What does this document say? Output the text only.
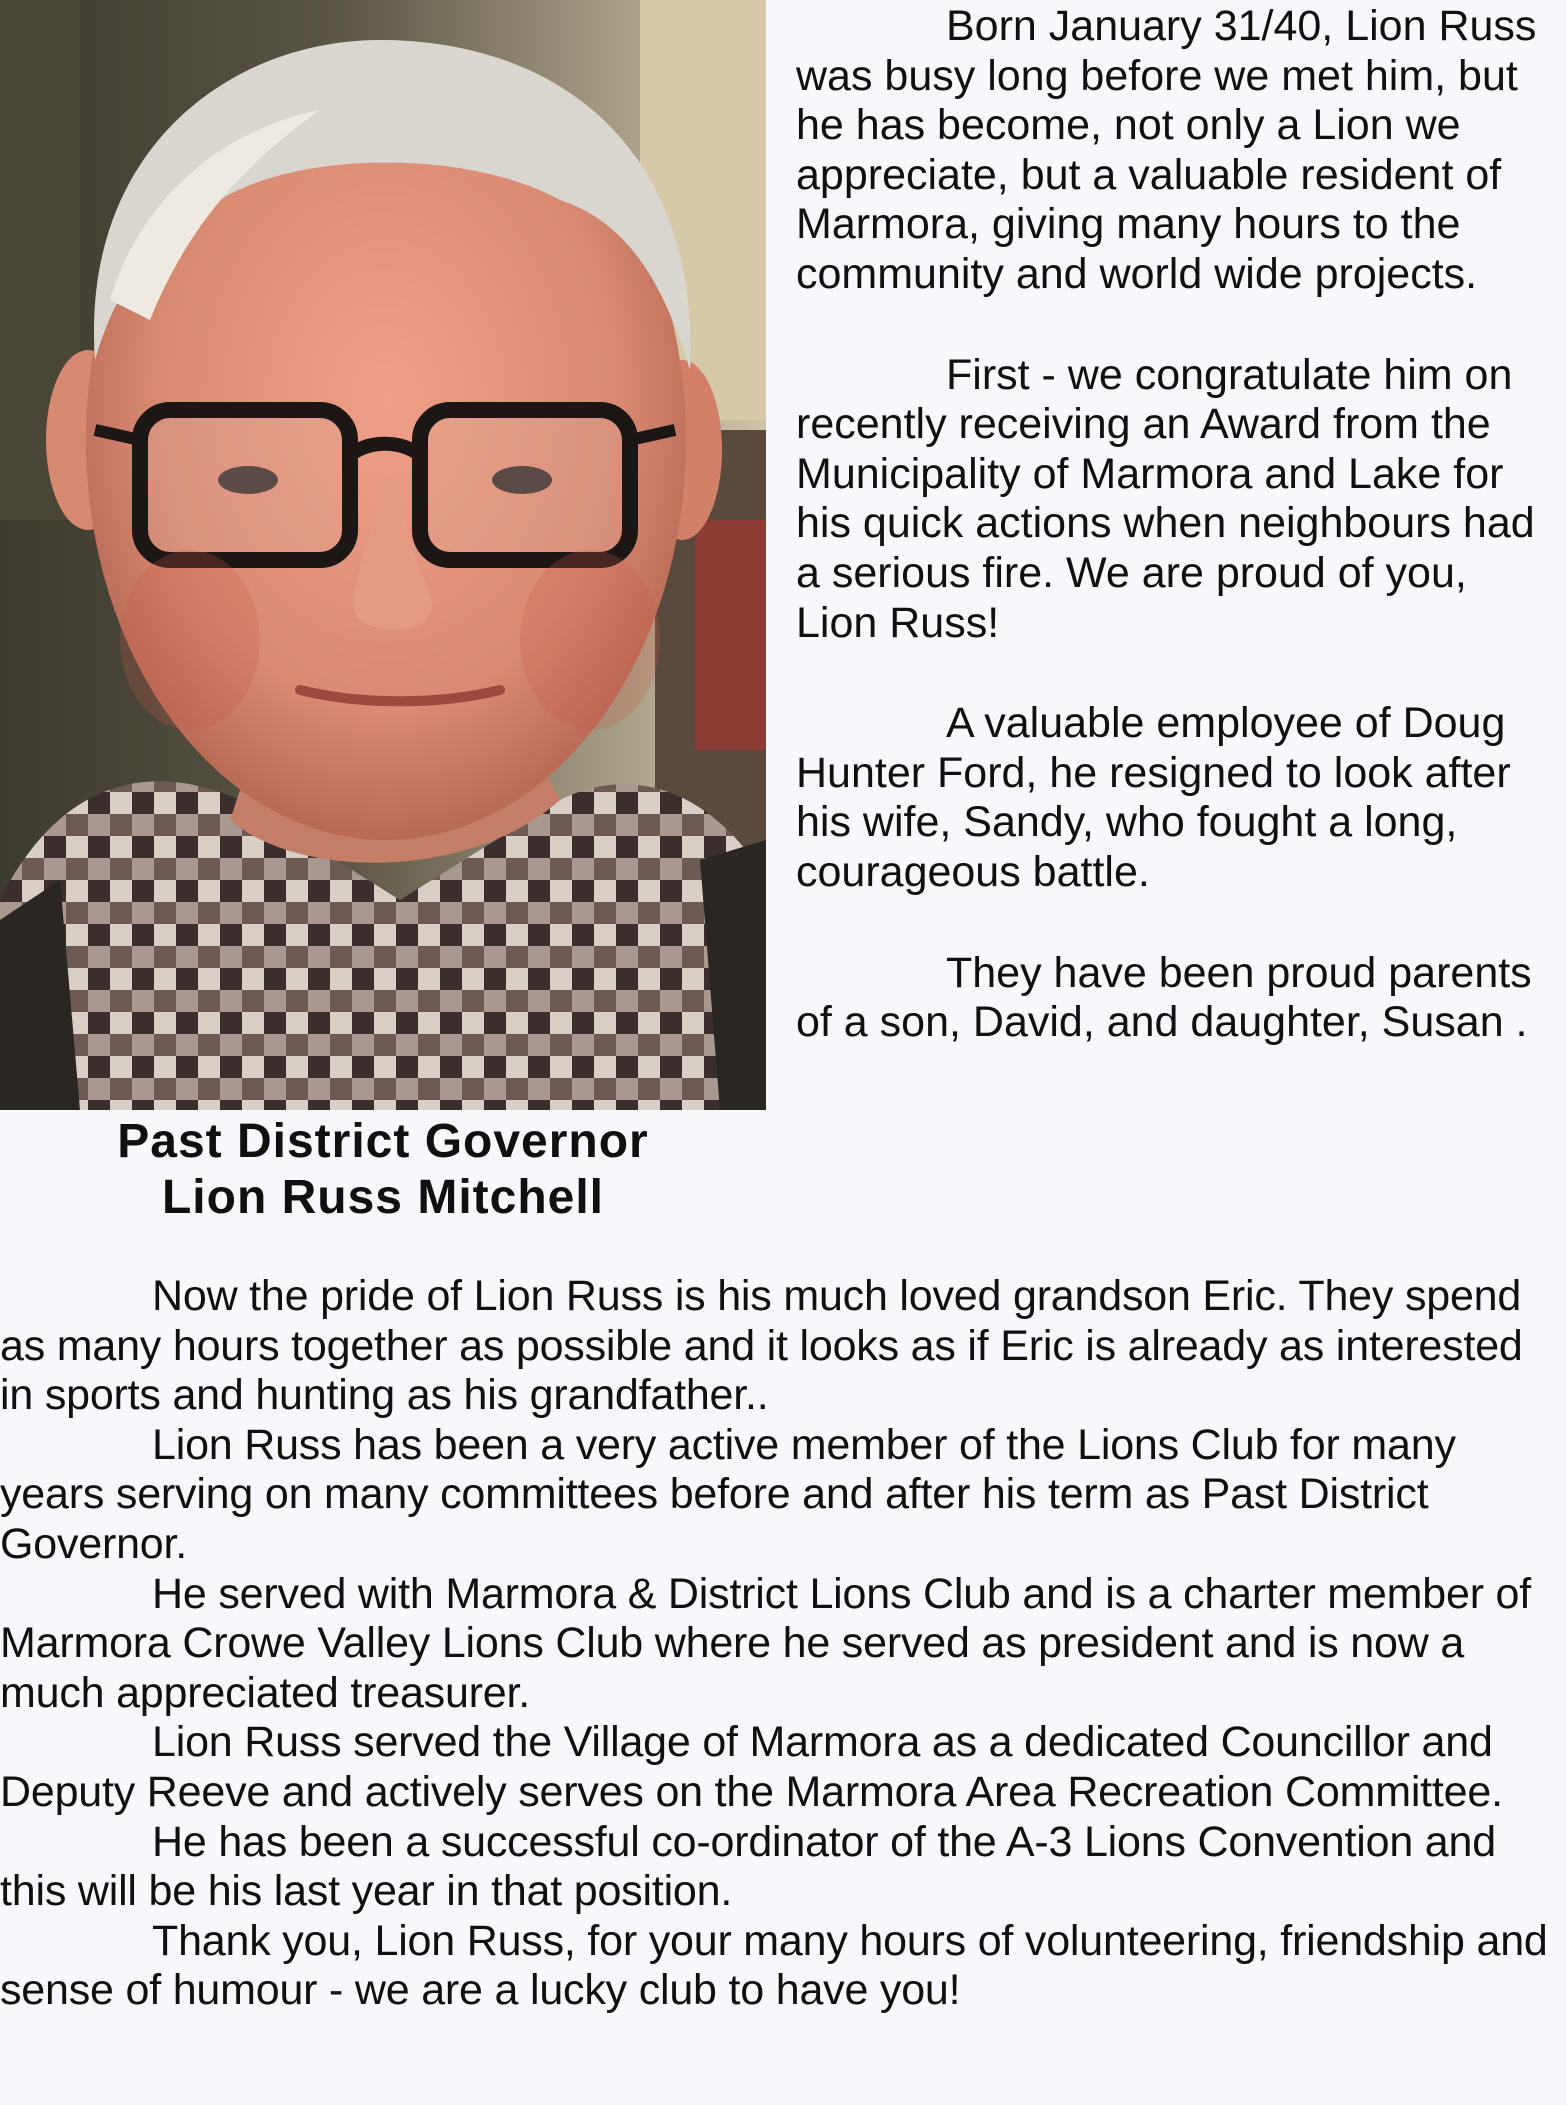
Past District Governor
Lion Russ Mitchell

Born January 31/40, Lion Russ was busy long before we met him, but he has become, not only a Lion we appreciate, but a valuable resident of Marmora, giving many hours to the community and world wide projects.

First - we congratulate him on recently receiving an Award from the Municipality of Marmora and Lake for his quick actions when neighbours had a serious fire. We are proud of you, Lion Russ!

A valuable employee of Doug Hunter Ford, he resigned to look after his wife, Sandy, who fought a long, courageous battle.

They have been proud parents of a son, David, and daughter, Susan .

Now the pride of Lion Russ is his much loved grandson Eric. They spend as many hours together as possible and it looks as if Eric is already as interested in sports and hunting as his grandfather..

Lion Russ has been a very active member of the Lions Club for many years serving on many committees before and after his term as Past District Governor.

He served with Marmora & District Lions Club and is a charter member of Marmora Crowe Valley Lions Club where he served as president and is now a much appreciated treasurer.

Lion Russ served the Village of Marmora as a dedicated Councillor and Deputy Reeve and actively serves on the Marmora Area Recreation Committee.

He has been a successful co-ordinator of the A-3 Lions Convention and this will be his last year in that position.

Thank you, Lion Russ, for your many hours of volunteering, friendship and sense of humour - we are a lucky club to have you!
